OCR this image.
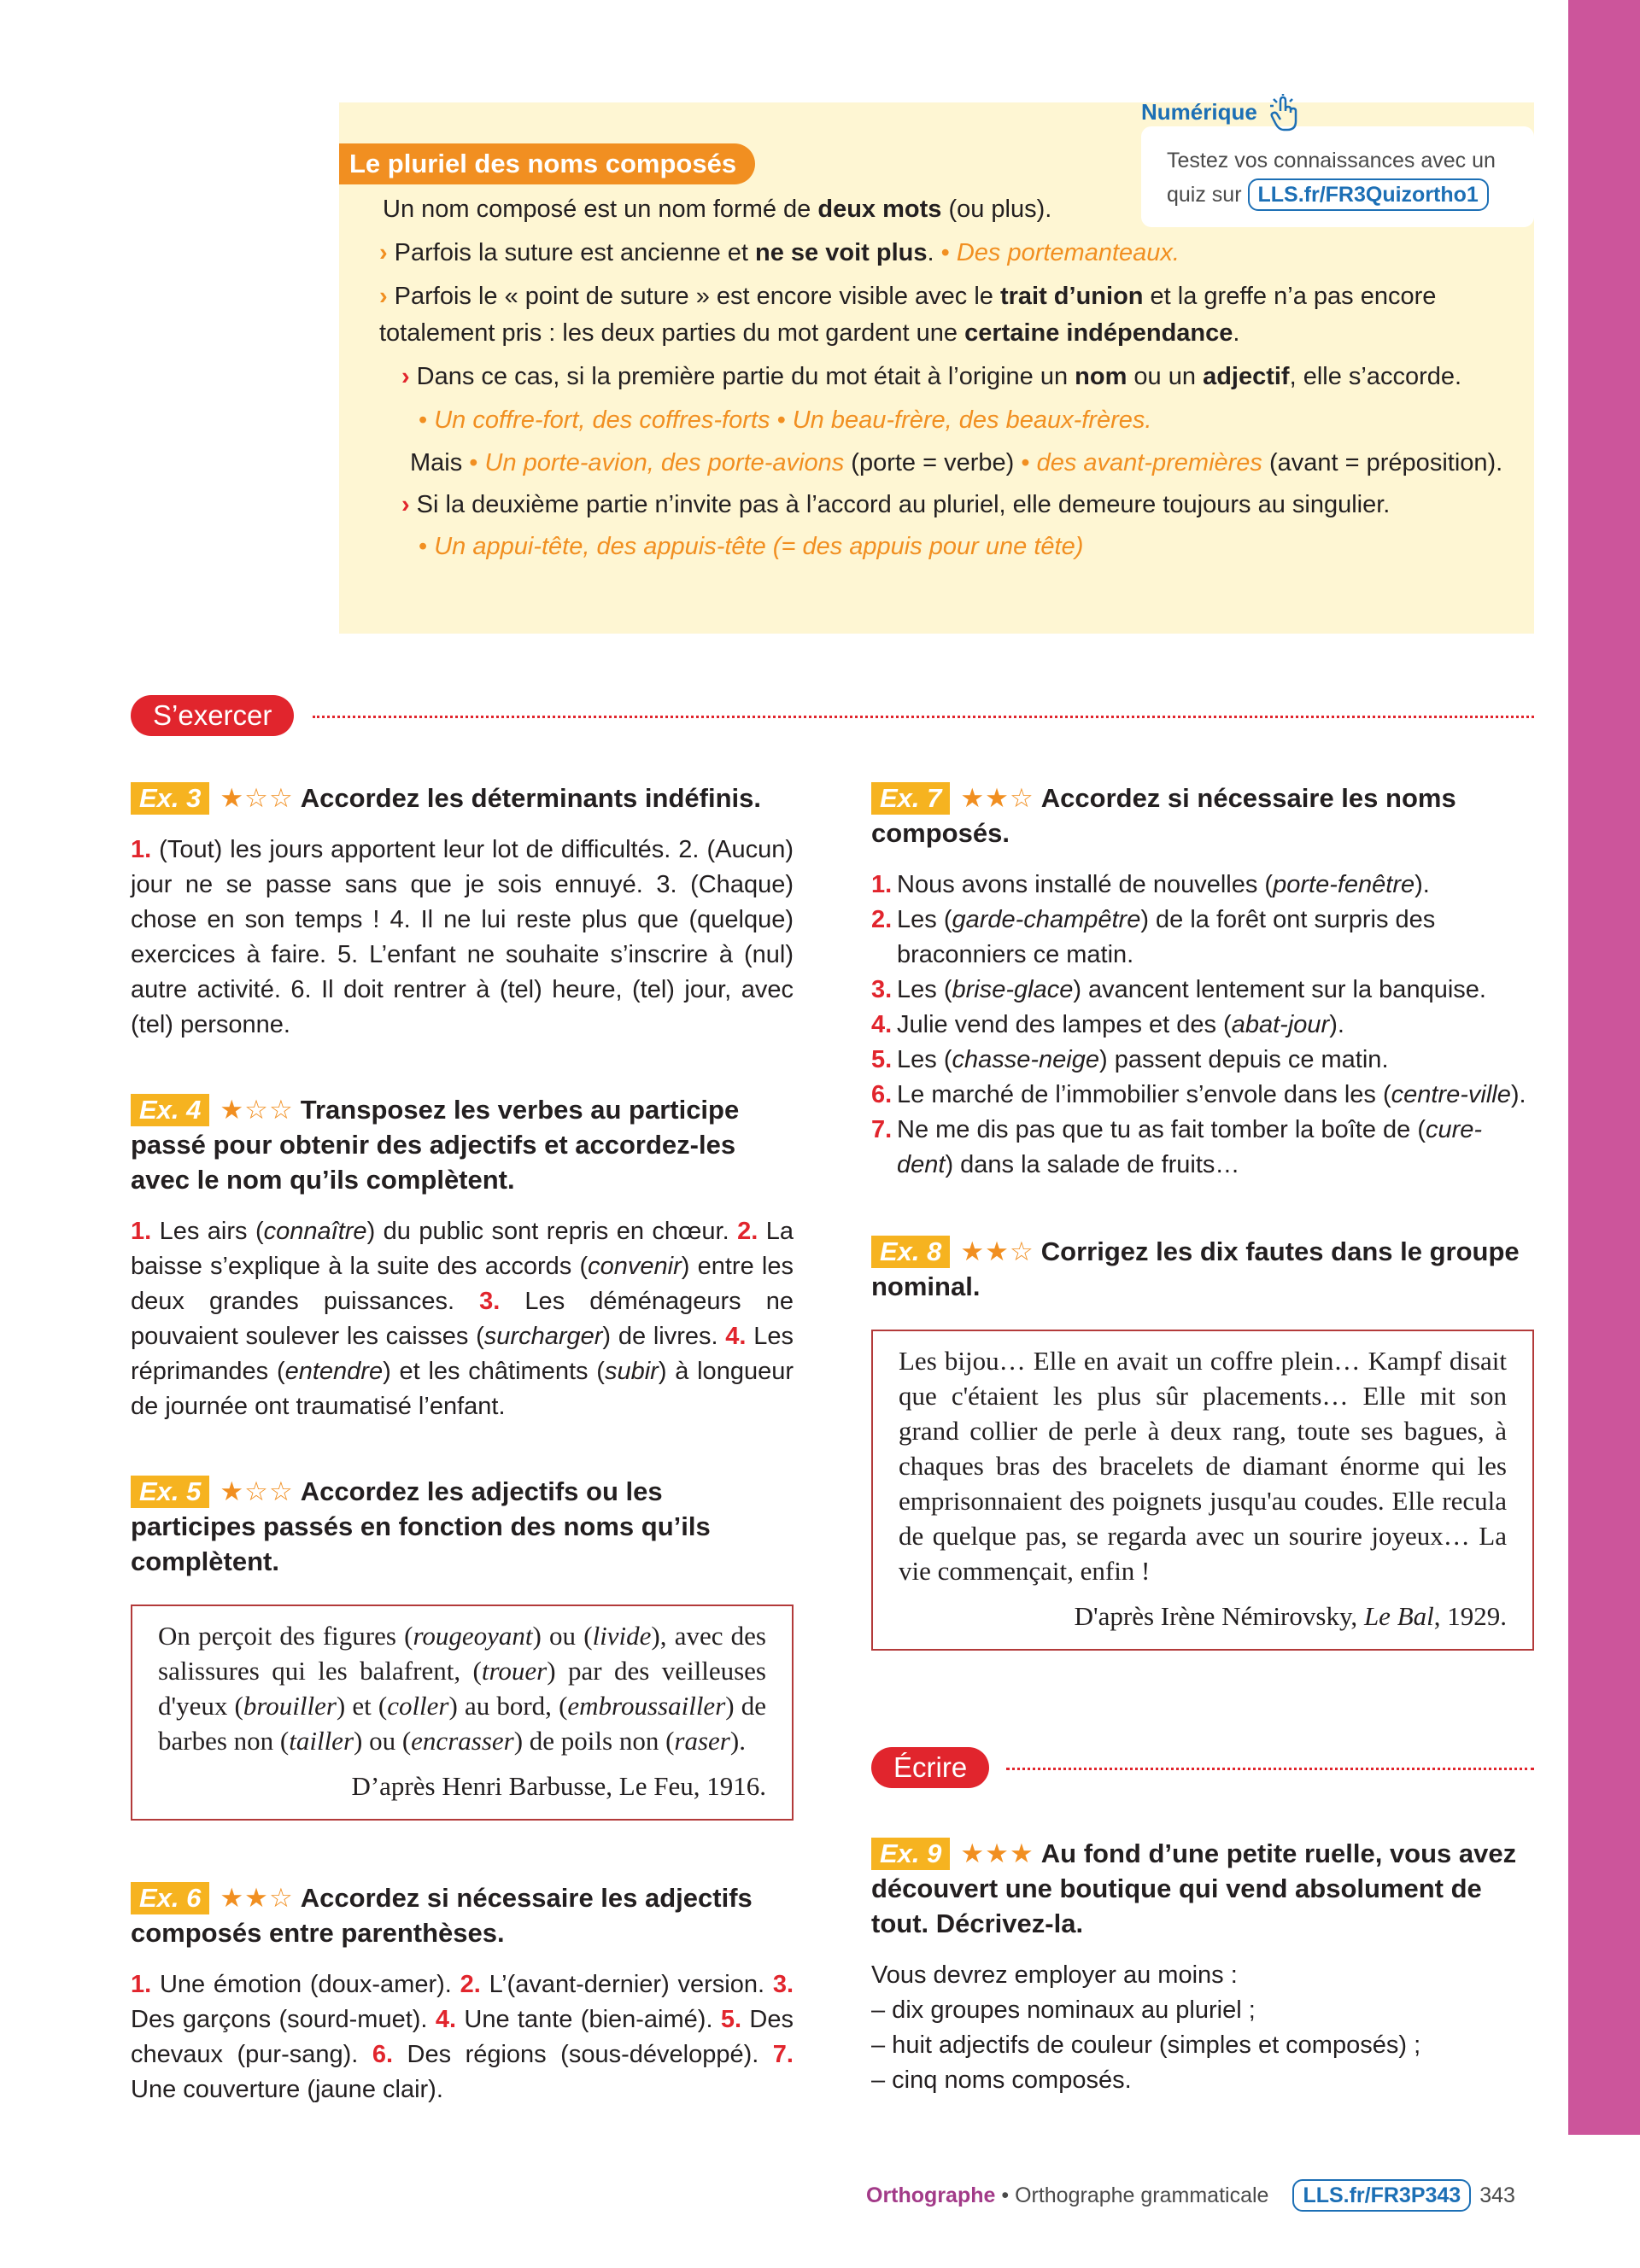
Le pluriel des noms composés
Numérique
Testez vos connaissances avec un quiz sur LLS.fr/FR3Quizortho1

Un nom composé est un nom formé de deux mots (ou plus).

› Parfois la suture est ancienne et ne se voit plus. • Des portemanteaux.

› Parfois le « point de suture » est encore visible avec le trait d’union et la greffe n’a pas encore totalement pris : les deux parties du mot gardent une certaine indépendance.

› Dans ce cas, si la première partie du mot était à l’origine un nom ou un adjectif, elle s’accorde.

• Un coffre-fort, des coffres-forts • Un beau-frère, des beaux-frères.

Mais • Un porte-avion, des porte-avions (porte = verbe) • des avant-premières (avant = préposition).

› Si la deuxième partie n’invite pas à l’accord au pluriel, elle demeure toujours au singulier.

• Un appui-tête, des appuis-tête (= des appuis pour une tête)

S’exercer

Ex. 3 ★☆☆ Accordez les déterminants indéfinis.

1. (Tout) les jours apportent leur lot de difficultés. 2. (Aucun) jour ne se passe sans que je sois ennuyé. 3. (Chaque) chose en son temps ! 4. Il ne lui reste plus que (quelque) exercices à faire. 5. L’enfant ne souhaite s’inscrire à (nul) autre activité. 6. Il doit rentrer à (tel) heure, (tel) jour, avec (tel) personne.

Ex. 4 ★☆☆ Transposez les verbes au participe passé pour obtenir des adjectifs et accordez-les avec le nom qu’ils complètent.

1. Les airs (connaître) du public sont repris en chœur. 2. La baisse s’explique à la suite des accords (convenir) entre les deux grandes puissances. 3. Les déménageurs ne pouvaient soulever les caisses (surcharger) de livres. 4. Les réprimandes (entendre) et les châtiments (subir) à longueur de journée ont traumatisé l’enfant.

Ex. 5 ★☆☆ Accordez les adjectifs ou les participes passés en fonction des noms qu’ils complètent.

On perçoit des figures (rougeoyant) ou (livide), avec des salissures qui les balafrent, (trouer) par des veilleuses d'yeux (brouiller) et (coller) au bord, (embroussailler) de barbes non (tailler) ou (encrasser) de poils non (raser).
D’après Henri Barbusse, Le Feu, 1916.

Ex. 6 ★★☆ Accordez si nécessaire les adjectifs composés entre parenthèses.

1. Une émotion (doux-amer). 2. L’(avant-dernier) version. 3. Des garçons (sourd-muet). 4. Une tante (bien-aimé). 5. Des chevaux (pur-sang). 6. Des régions (sous-développé). 7. Une couverture (jaune clair).

Ex. 7 ★★☆ Accordez si nécessaire les noms composés.

1. Nous avons installé de nouvelles (porte-fenêtre).
2. Les (garde-champêtre) de la forêt ont surpris des braconniers ce matin.
3. Les (brise-glace) avancent lentement sur la banquise.
4. Julie vend des lampes et des (abat-jour).
5. Les (chasse-neige) passent depuis ce matin.
6. Le marché de l’immobilier s’envole dans les (centre-ville).
7. Ne me dis pas que tu as fait tomber la boîte de (cure-dent) dans la salade de fruits…

Ex. 8 ★★☆ Corrigez les dix fautes dans le groupe nominal.

Les bijou… Elle en avait un coffre plein… Kampf disait que c'étaient les plus sûr placements… Elle mit son grand collier de perle à deux rang, toute ses bagues, à chaques bras des bracelets de diamant énorme qui les emprisonnaient des poignets jusqu'au coudes. Elle recula de quelque pas, se regarda avec un sourire joyeux… La vie commençait, enfin !
D'après Irène Némirovsky, Le Bal, 1929.
Écrire

Ex. 9 ★★★ Au fond d’une petite ruelle, vous avez découvert une boutique qui vend absolument de tout. Décrivez-la.

Vous devrez employer au moins :

– dix groupes nominaux au pluriel ;

– huit adjectifs de couleur (simples et composés) ;

– cinq noms composés.

Orthographe • Orthographe grammaticale	LLS.fr/FR3P343 343
